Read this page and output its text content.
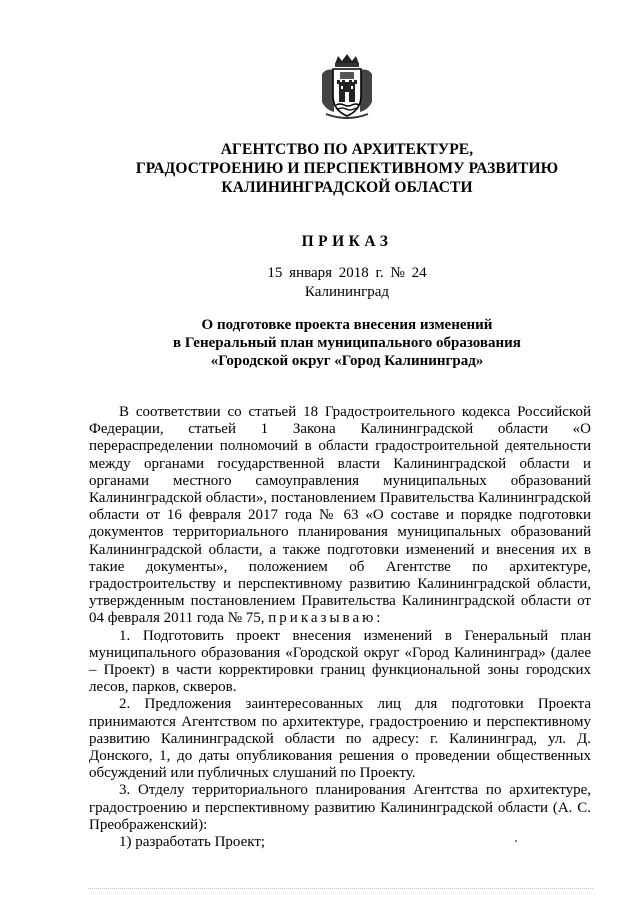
АГЕНТСТВО ПО АРХИТЕКТУРЕ,
ГРАДОСТРОЕНИЮ И ПЕРСПЕКТИВНОМУ РАЗВИТИЮ
КАЛИНИНГРАДСКОЙ ОБЛАСТИ
ПРИКАЗ
15 января 2018 г. № 24
Калининград
О подготовке проекта внесения изменений
в Генеральный план муниципального образования
«Городской округ «Город Калининград»

В соответствии со статьей 18 Градостроительного кодекса Российской Федерации, статьей 1 Закона Калининградской области «О перераспределении полномочий в области градостроительной деятельности между органами государственной власти Калининградской области и органами местного самоуправления муниципальных образований Калининградской области», постановлением Правительства Калининградской области от 16 февраля 2017 года № 63 «О составе и порядке подготовки документов территориального планирования муниципальных образований Калининградской области, а также подготовки изменений и внесения их в такие документы», положением об Агентстве по архитектуре, градостроительству и перспективному развитию Калининградской области, утвержденным постановлением Правительства Калининградской области от 04 февраля 2011 года № 75, приказываю:

1. Подготовить проект внесения изменений в Генеральный план муниципального образования «Городской округ «Город Калининград» (далее – Проект) в части корректировки границ функциональной зоны городских лесов, парков, скверов.

2. Предложения заинтересованных лиц для подготовки Проекта принимаются Агентством по архитектуре, градостроению и перспективному развитию Калининградской области по адресу: г. Калининград, ул. Д. Донского, 1, до даты опубликования решения о проведении общественных обсуждений или публичных слушаний по Проекту.

3. Отделу территориального планирования Агентства по архитектуре, градостроению и перспективному развитию Калининградской области (А. С. Преображенский):

1) разработать Проект;
